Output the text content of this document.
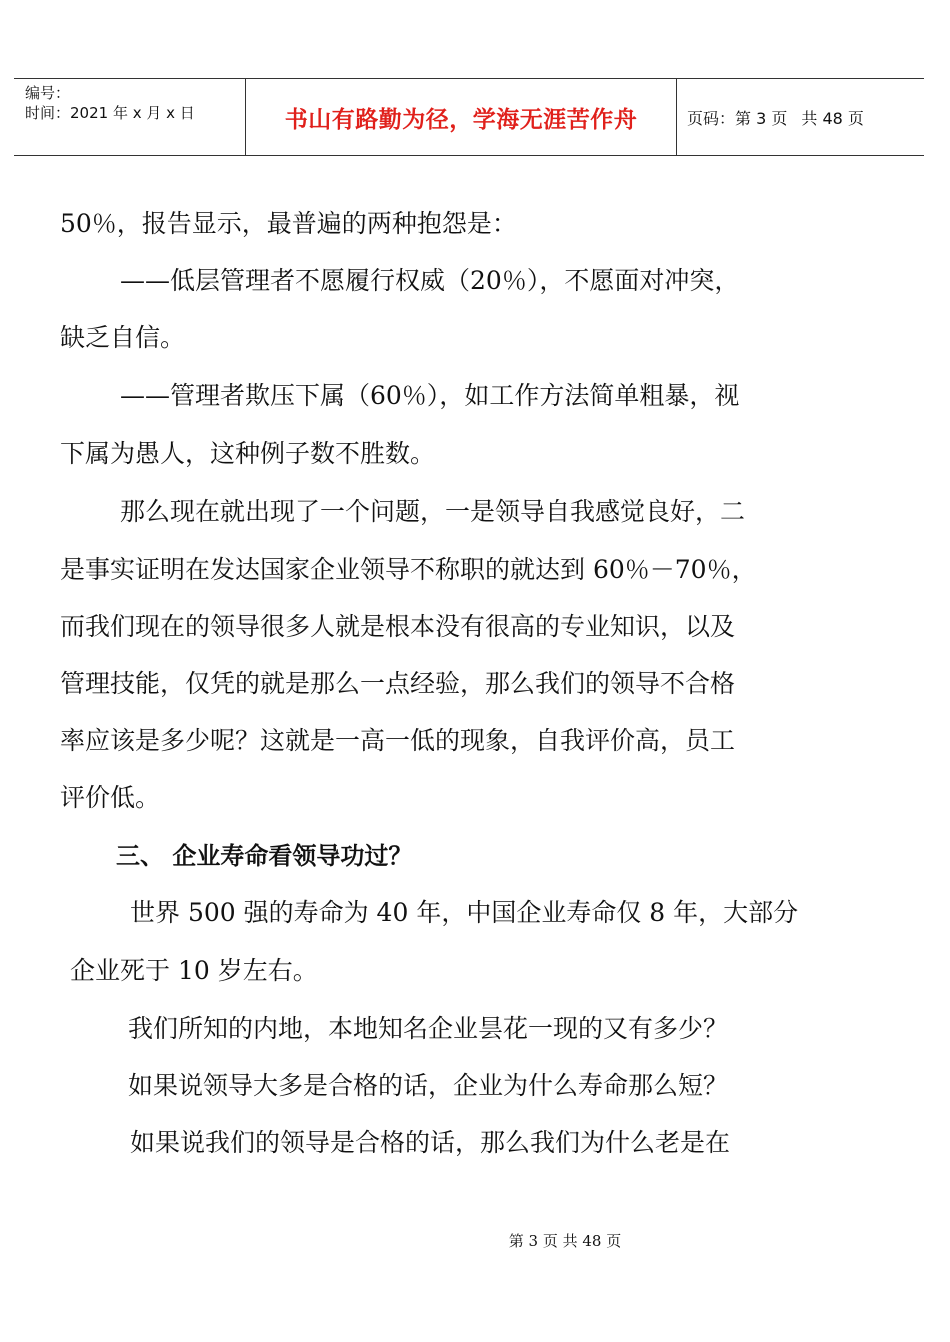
编号：
时间：2021 年 x 月 x 日	书山有路勤为径，学海无涯苦作舟	页码：第 3 页 共 48 页
50％，报告显示，最普遍的两种抱怨是：
——低层管理者不愿履行权威（20％），不愿面对冲突，
缺乏自信。
——管理者欺压下属（60％），如工作方法简单粗暴，视
下属为愚人，这种例子数不胜数。
那么现在就出现了一个问题，一是领导自我感觉良好，二
是事实证明在发达国家企业领导不称职的就达到 60％－70％，
而我们现在的领导很多人就是根本没有很高的专业知识，以及
管理技能，仅凭的就是那么一点经验，那么我们的领导不合格
率应该是多少呢？这就是一高一低的现象，自我评价高，员工
评价低。
三、 企业寿命看领导功过？
世界 500 强的寿命为 40 年，中国企业寿命仅 8 年，大部分
企业死于 10 岁左右。
我们所知的内地，本地知名企业昙花一现的又有多少？
如果说领导大多是合格的话，企业为什么寿命那么短？
如果说我们的领导是合格的话，那么我们为什么老是在
第 3 页 共 48 页
